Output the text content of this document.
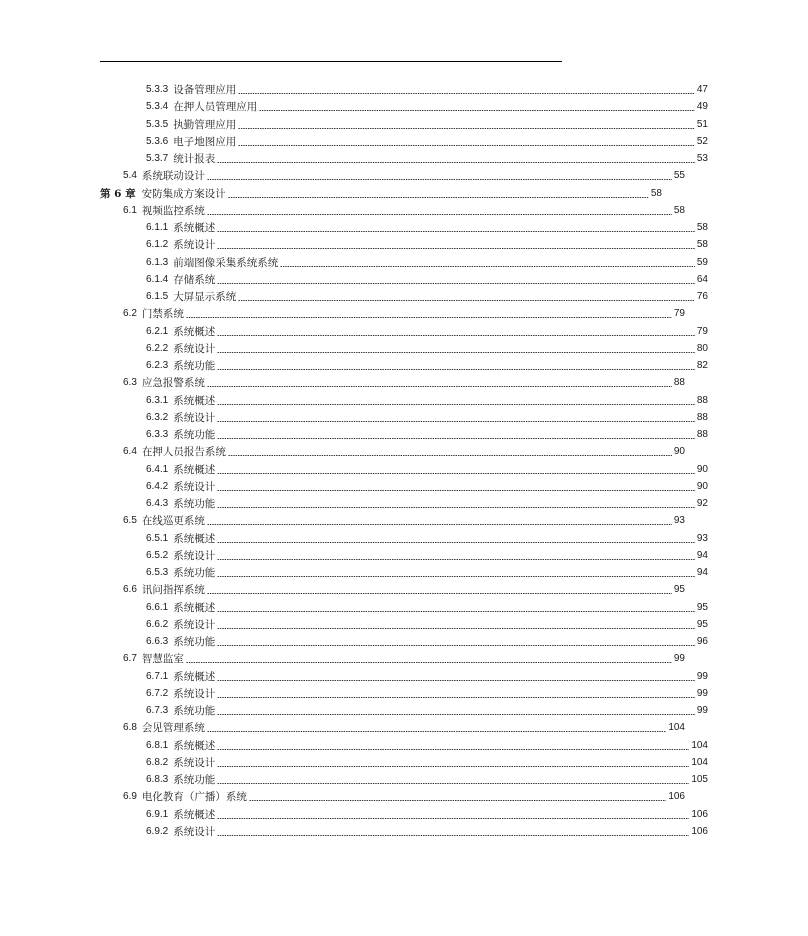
5.3.3 设备管理应用	47
5.3.4 在押人员管理应用	49
5.3.5 执勤管理应用	51
5.3.6 电子地图应用	52
5.3.7 统计报表	53
5.4 系统联动设计	55
第 6 章 安防集成方案设计	58
6.1 视频监控系统	58
6.1.1 系统概述	58
6.1.2 系统设计	58
6.1.3 前端图像采集系统系统	59
6.1.4 存储系统	64
6.1.5 大屏显示系统	76
6.2 门禁系统	79
6.2.1 系统概述	79
6.2.2 系统设计	80
6.2.3 系统功能	82
6.3 应急报警系统	88
6.3.1 系统概述	88
6.3.2 系统设计	88
6.3.3 系统功能	88
6.4 在押人员报告系统	90
6.4.1 系统概述	90
6.4.2 系统设计	90
6.4.3 系统功能	92
6.5 在线巡更系统	93
6.5.1 系统概述	93
6.5.2 系统设计	94
6.5.3 系统功能	94
6.6 讯问指挥系统	95
6.6.1 系统概述	95
6.6.2 系统设计	95
6.6.3 系统功能	96
6.7 智慧监室	99
6.7.1 系统概述	99
6.7.2 系统设计	99
6.7.3 系统功能	99
6.8 会见管理系统	104
6.8.1 系统概述	104
6.8.2 系统设计	104
6.8.3 系统功能	105
6.9 电化教育（广播）系统	106
6.9.1 系统概述	106
6.9.2 系统设计	106
